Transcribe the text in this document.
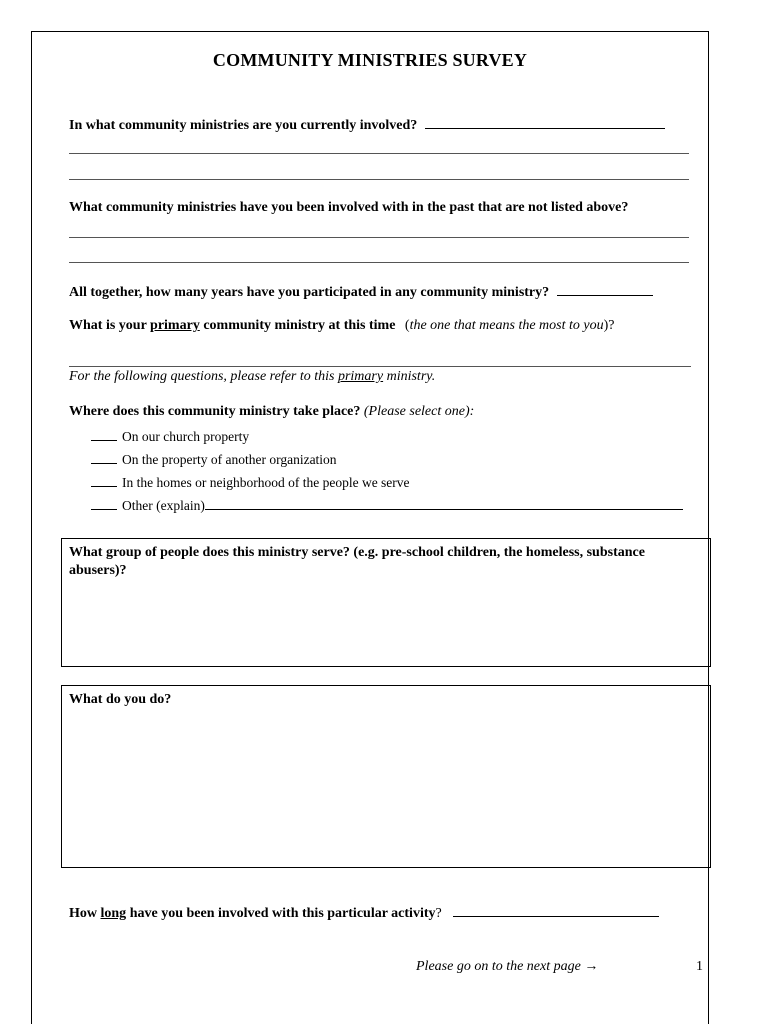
COMMUNITY MINISTRIES SURVEY
In what community ministries are you currently involved?
What community ministries have you been involved with in the past that are not listed above?
All together, how many years have you participated in any community ministry?
What is your primary community ministry at this time (the one that means the most to you)?
For the following questions, please refer to this primary ministry.
Where does this community ministry take place? (Please select one):
On our church property
On the property of another organization
In the homes or neighborhood of the people we serve
Other (explain)
What group of people does this ministry serve? (e.g. pre-school children, the homeless, substance abusers)?
What do you do?
How long have you been involved with this particular activity?
Please go on to the next page →	1
